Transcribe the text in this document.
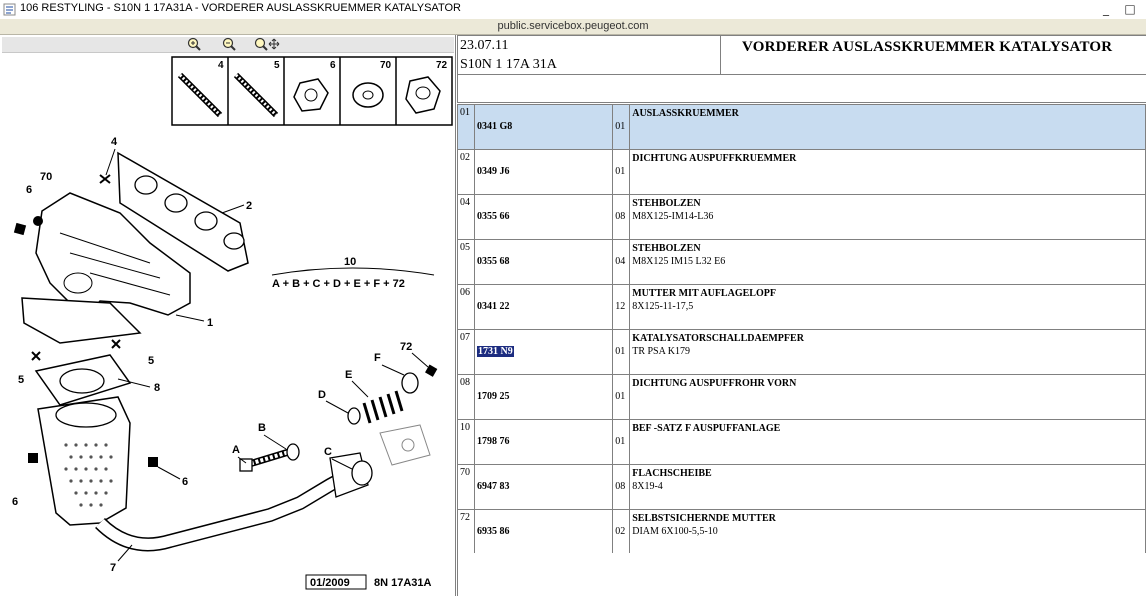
106 RESTYLING - S10N 1 17A31A - VORDERER AUSLASSKRUEMMER KATALYSATOR	_	□
public.servicebox.peugeot.com
4	5	6	70	72
10
A + B + C + D + E + F + 72
2
4
70
6
1
5
5
8
6
6
7
72
F
E
D
A
B
C
01/2009 8N 17A31A
23.07.11
S10N 1 17A 31A
VORDERER AUSLASSKRUEMMER KATALYSATOR
01	0341 G8	01	AUSLASSKRUEMMER

02	0349 J6	01	DICHTUNG AUSPUFFKRUEMMER

04	0355 66	08	STEHBOLZEN
M8X125-IM14-L36

05	0355 68	04	STEHBOLZEN
M8X125 IM15 L32 E6

06	0341 22	12	MUTTER MIT AUFLAGELOPF
8X125-11-17,5

07	1731 N9	01	KATALYSATORSCHALLDAEMPFER
TR PSA K179

08	1709 25	01	DICHTUNG AUSPUFFROHR VORN

10	1798 76	01	BEF -SATZ F AUSPUFFANLAGE

70	6947 83	08	FLACHSCHEIBE
8X19-4

72	6935 86	02	SELBSTSICHERNDE MUTTER
DIAM 6X100-5,5-10
